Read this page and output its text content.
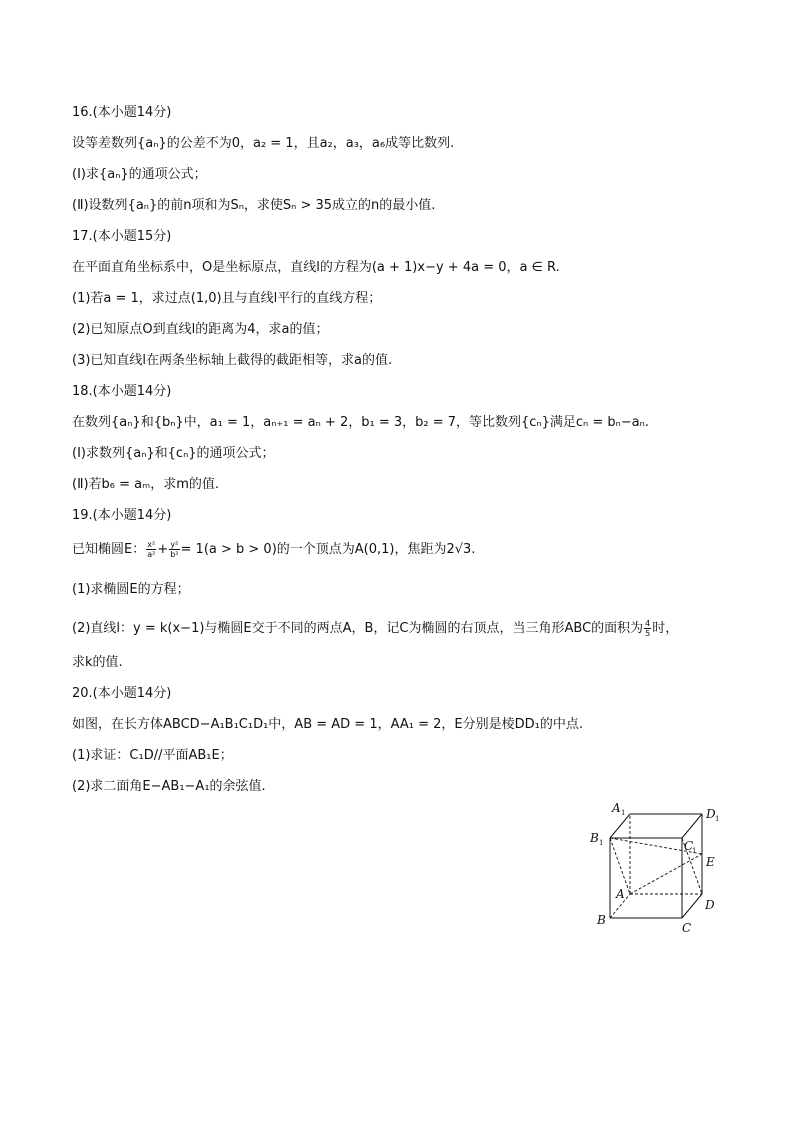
16.(本小题14分)
设等差数列{aₙ}的公差不为0，a₂ = 1，且a₂，a₃，a₆成等比数列.
(Ⅰ)求{aₙ}的通项公式；
(Ⅱ)设数列{aₙ}的前n项和为Sₙ，求使Sₙ > 35成立的n的最小值.
17.(本小题15分)
在平面直角坐标系中，O是坐标原点，直线l的方程为(a + 1)x−y + 4a = 0，a ∈ R.
(1)若a = 1，求过点(1,0)且与直线l平行的直线方程；
(2)已知原点O到直线l的距离为4，求a的值；
(3)已知直线l在两条坐标轴上截得的截距相等，求a的值.
18.(本小题14分)
在数列{aₙ}和{bₙ}中，a₁ = 1，aₙ₊₁ = aₙ + 2，b₁ = 3，b₂ = 7，等比数列{cₙ}满足cₙ = bₙ−aₙ.
(Ⅰ)求数列{aₙ}和{cₙ}的通项公式；
(Ⅱ)若b₆ = aₘ，求m的值.
19.(本小题14分)
已知椭圆E： $\frac{\text{x²}}{\text{a²}} + \frac{\text{y²}}{\text{b²}} = 1(a > b > 0)$的一个顶点为A(0,1)，焦距为2√3.
(1)求椭圆E的方程；
(2)直线l：y = k(x−1)与椭圆E交于不同的两点A，B，记C为椭圆的右顶点，当三角形ABC的面积为 $\frac{4}{5}$ 时，
求k的值.
20.(本小题14分)
如图，在长方体ABCD−A₁B₁C₁D₁中，AB = AD = 1，AA₁ = 2，E分别是棱DD₁的中点.
(1)求证：C₁D//平面AB₁E；
(2)求二面角E−AB₁−A₁的余弦值.
A 1	D 1
B 1	C
1
E
A
B
C
D
